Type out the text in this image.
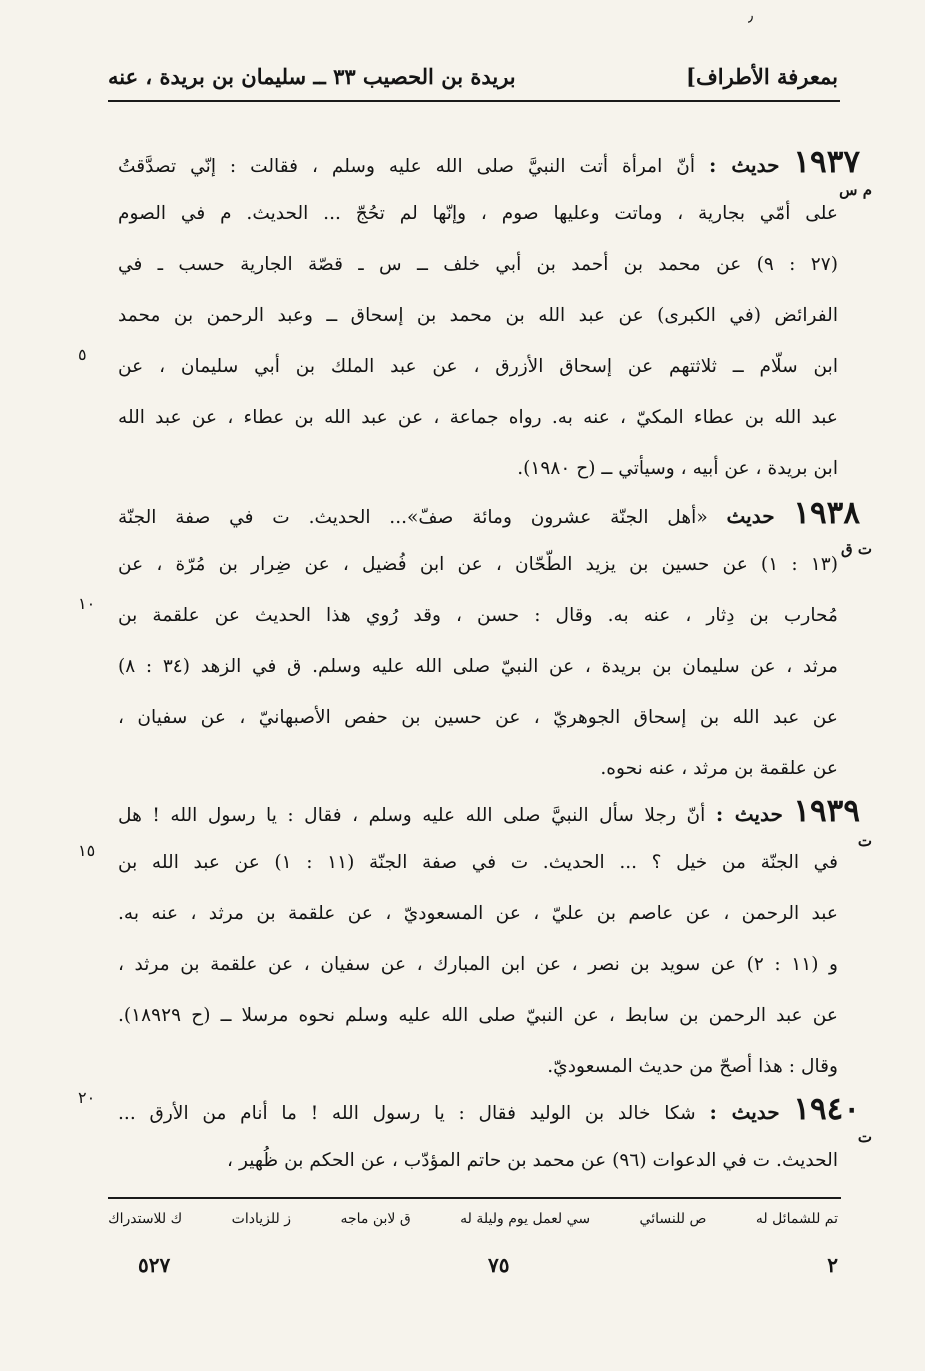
٫
بمعرفة الأطراف]
بريدة بن الحصيب ٣٣ ــ سليمان بن بريدة ، عنه
١٩٣٧ حديث : أنّ امرأة أتت النبيَّ صلى الله عليه وسلم ، فقالت : إنّي تصدَّقتُ
م س
على أمّي بجارية ، وماتت وعليها صوم ، وإنّها لم تحُجّ ... الحديث. م في الصوم
(٢٧ : ٩) عن محمد بن أحمد بن أبي خلف ــ س ـ قصّة الجارية حسب ـ في
الفرائض (في الكبرى) عن عبد الله بن محمد بن إسحاق ــ وعبد الرحمن بن محمد
٥
ابن سلّام ــ ثلاثتهم عن إسحاق الأزرق ، عن عبد الملك بن أبي سليمان ، عن
عبد الله بن عطاء المكيّ ، عنه به. رواه جماعة ، عن عبد الله بن عطاء ، عن عبد الله
ابن بريدة ، عن أبيه ، وسيأتي ــ (ح ١٩٨٠).
١٩٣٨ حديث «أهل الجنّة عشرون ومائة صفّ»... الحديث. ت في صفة الجنّة
ت ق
(١٣ : ١) عن حسين بن يزيد الطّحّان ، عن ابن فُضيل ، عن ضِرار بن مُرّة ، عن
١٠
مُحارب بن دِثار ، عنه به. وقال : حسن ، وقد رُوي هذا الحديث عن علقمة بن
مرثد ، عن سليمان بن بريدة ، عن النبيّ صلى الله عليه وسلم. ق في الزهد (٣٤ : ٨)
عن عبد الله بن إسحاق الجوهريّ ، عن حسين بن حفص الأصبهانيّ ، عن سفيان ،
عن علقمة بن مرثد ، عنه نحوه.
١٩٣٩ حديث : أنّ رجلا سأل النبيَّ صلى الله عليه وسلم ، فقال : يا رسول الله ! هل
ت
١٥
في الجنّة من خيل ؟ ... الحديث. ت في صفة الجنّة (١١ : ١) عن عبد الله بن
عبد الرحمن ، عن عاصم بن عليّ ، عن المسعوديّ ، عن علقمة بن مرثد ، عنه به.
و (١١ : ٢) عن سويد بن نصر ، عن ابن المبارك ، عن سفيان ، عن علقمة بن مرثد ،
عن عبد الرحمن بن سابط ، عن النبيّ صلى الله عليه وسلم نحوه مرسلا ــ (ح ١٨٩٢٩).
وقال : هذا أصحّ من حديث المسعوديّ.
٢٠	١٩٤٠ حديث : شكا خالد بن الوليد فقال : يا رسول الله ! ما أنام من الأرق ...
ت
الحديث. ت في الدعوات (٩٦) عن محمد بن حاتم المؤدّب ، عن الحكم بن ظُهير ،
تم للشمائل له
ص للنسائي
سي لعمل يوم وليلة له
ق لابن ماجه
ز للزيادات
ك للاستدراك
٢
٧٥
٥٢٧
